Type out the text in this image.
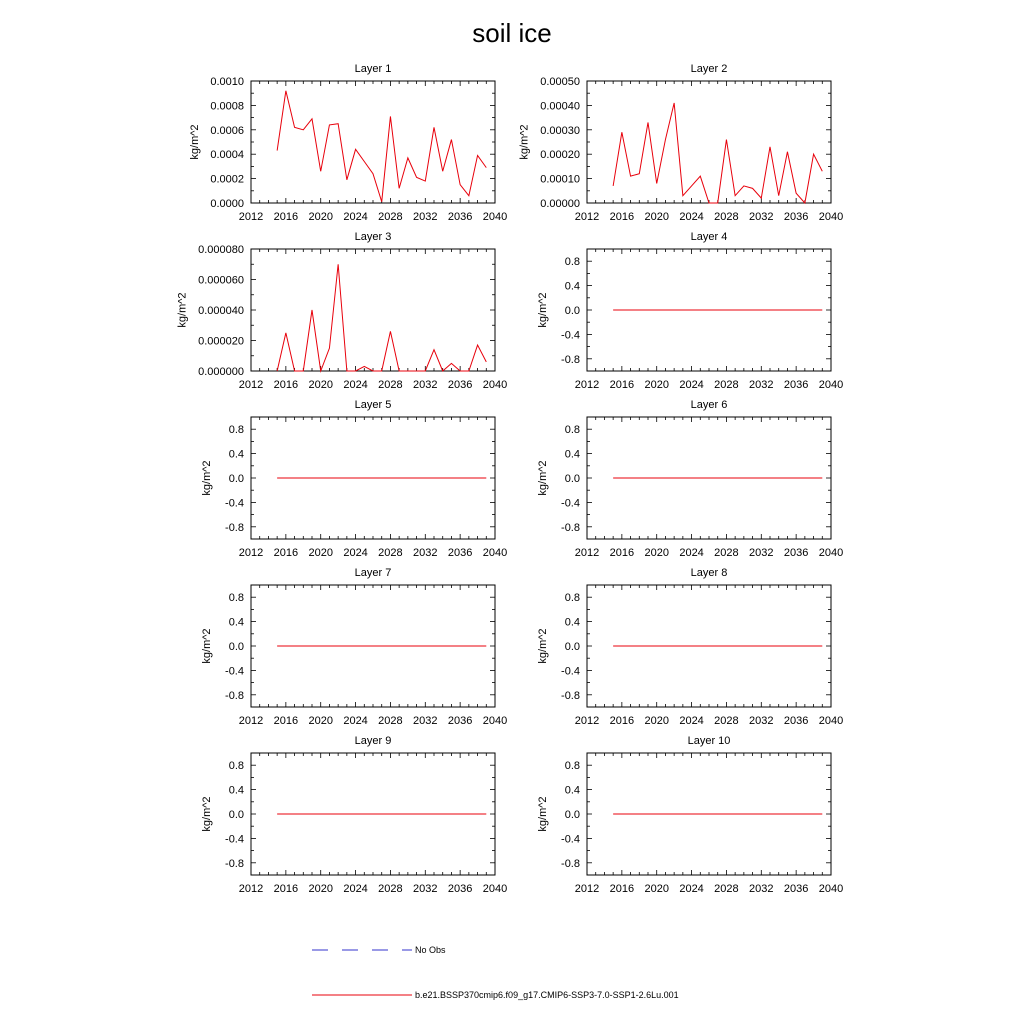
soil ice
Layer 1
2012 2016 2020 2024 2028 2032 2036 2040
0.0000
0.0002
0.0004
0.0006
0.0008
0.0010
kg/m^2
Layer 2
2012 2016 2020 2024 2028 2032 2036 2040
0.00000
0.00010
0.00020
0.00030
0.00040
0.00050
kg/m^2
Layer 3
2012 2016 2020 2024 2028 2032 2036 2040
0.000000
0.000020
0.000040
0.000060
0.000080
kg/m^2
Layer 4
2012 2016 2020 2024 2028 2032 2036 2040
-0.8
-0.4
0.0
0.4
0.8
kg/m^2
Layer 5
2012 2016 2020 2024 2028 2032 2036 2040
-0.8
-0.4
0.0
0.4
0.8
kg/m^2
Layer 6
2012 2016 2020 2024 2028 2032 2036 2040
-0.8
-0.4
0.0
0.4
0.8
kg/m^2
Layer 7
2012 2016 2020 2024 2028 2032 2036 2040
-0.8
-0.4
0.0
0.4
0.8
kg/m^2
Layer 8
2012 2016 2020 2024 2028 2032 2036 2040
-0.8
-0.4
0.0
0.4
0.8
kg/m^2
Layer 9
2012 2016 2020 2024 2028 2032 2036 2040
-0.8
-0.4
0.0
0.4
0.8
kg/m^2
Layer 10
2012 2016 2020 2024 2028 2032 2036 2040
-0.8
-0.4
0.0
0.4
0.8
kg/m^2
No Obs
b.e21.BSSP370cmip6.f09_g17.CMIP6-SSP3-7.0-SSP1-2.6Lu.001
